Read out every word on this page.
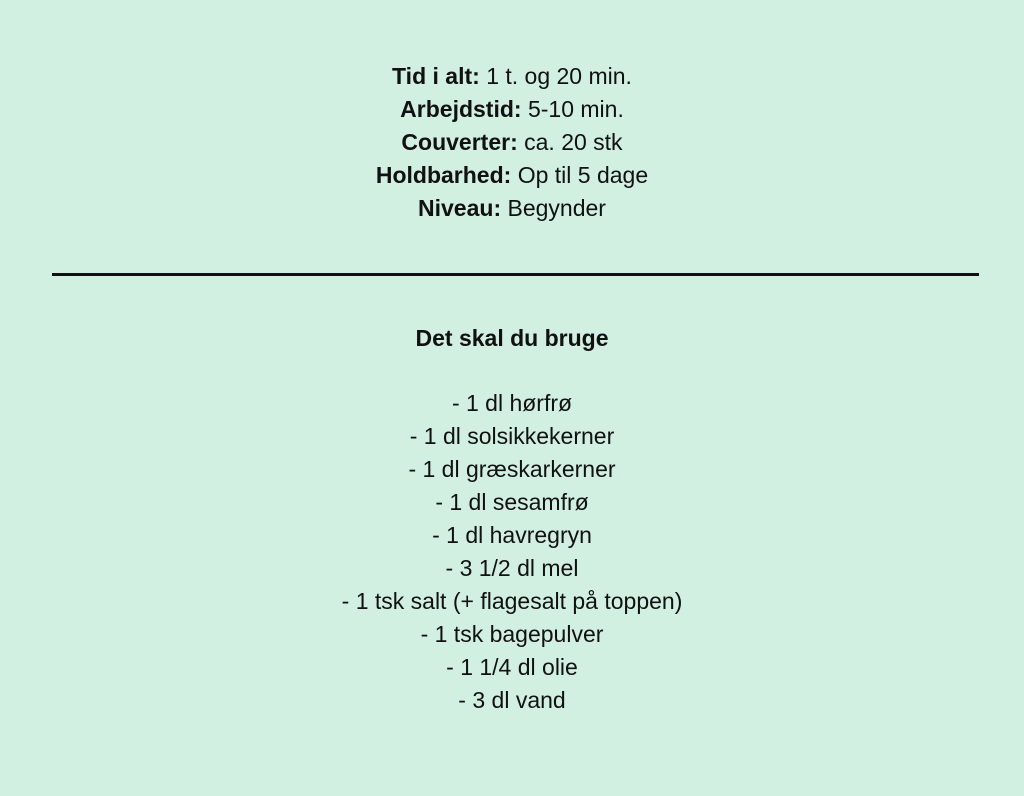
Tid i alt: 1 t. og 20 min.
Arbejdstid: 5-10 min.
Couverter: ca. 20 stk
Holdbarhed: Op til 5 dage
Niveau: Begynder
Det skal du bruge
- 1 dl hørfrø
- 1 dl solsikkekerner
- 1 dl græskarkerner
- 1 dl sesamfrø
- 1 dl havregryn
- 3 1/2 dl mel
- 1 tsk salt (+ flagesalt på toppen)
- 1 tsk bagepulver
- 1 1/4 dl olie
- 3 dl vand
